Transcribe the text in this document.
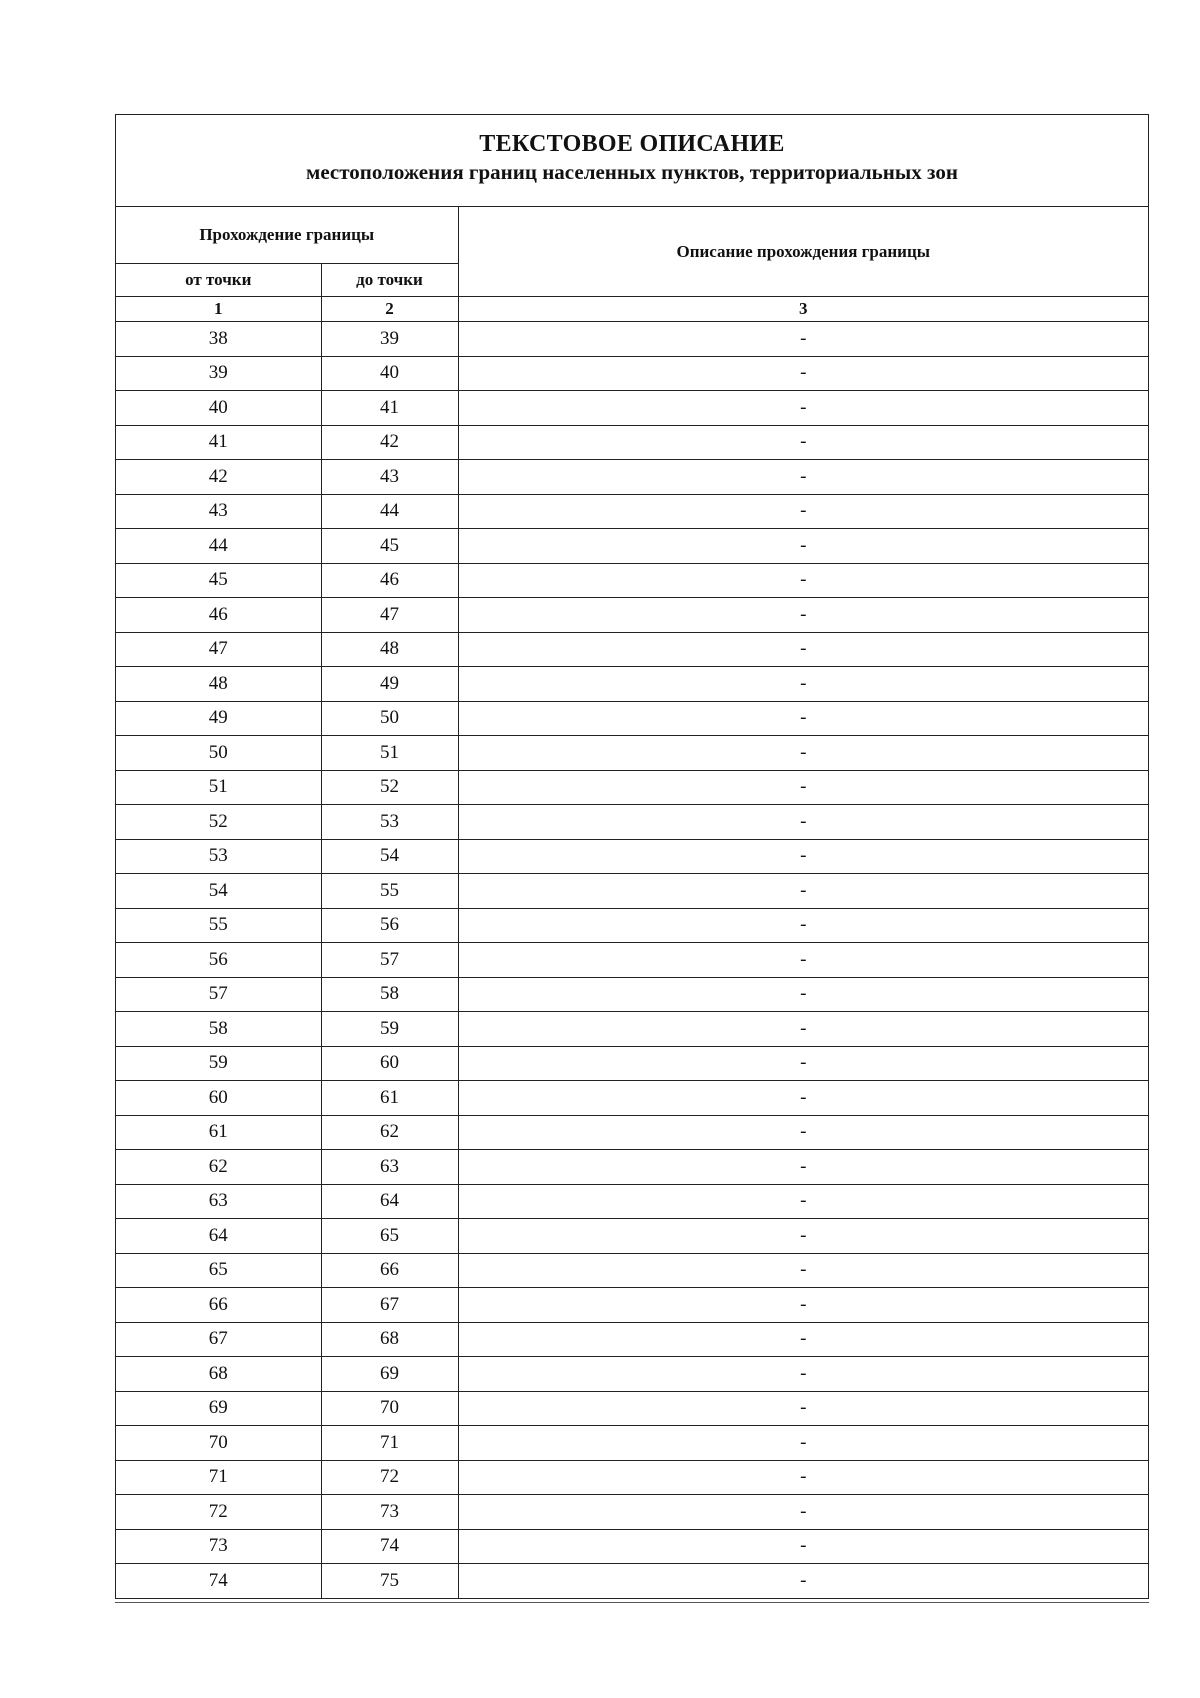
ТЕКСТОВОЕ ОПИСАНИЕ
местоположения границ населенных пунктов, территориальных зон
Прохождение границы		Описание прохождения границы
от точки	до точки	
1	2	3
38	39	-
39	40	-
40	41	-
41	42	-
42	43	-
43	44	-
44	45	-
45	46	-
46	47	-
47	48	-
48	49	-
49	50	-
50	51	-
51	52	-
52	53	-
53	54	-
54	55	-
55	56	-
56	57	-
57	58	-
58	59	-
59	60	-
60	61	-
61	62	-
62	63	-
63	64	-
64	65	-
65	66	-
66	67	-
67	68	-
68	69	-
69	70	-
70	71	-
71	72	-
72	73	-
73	74	-
74	75	-
